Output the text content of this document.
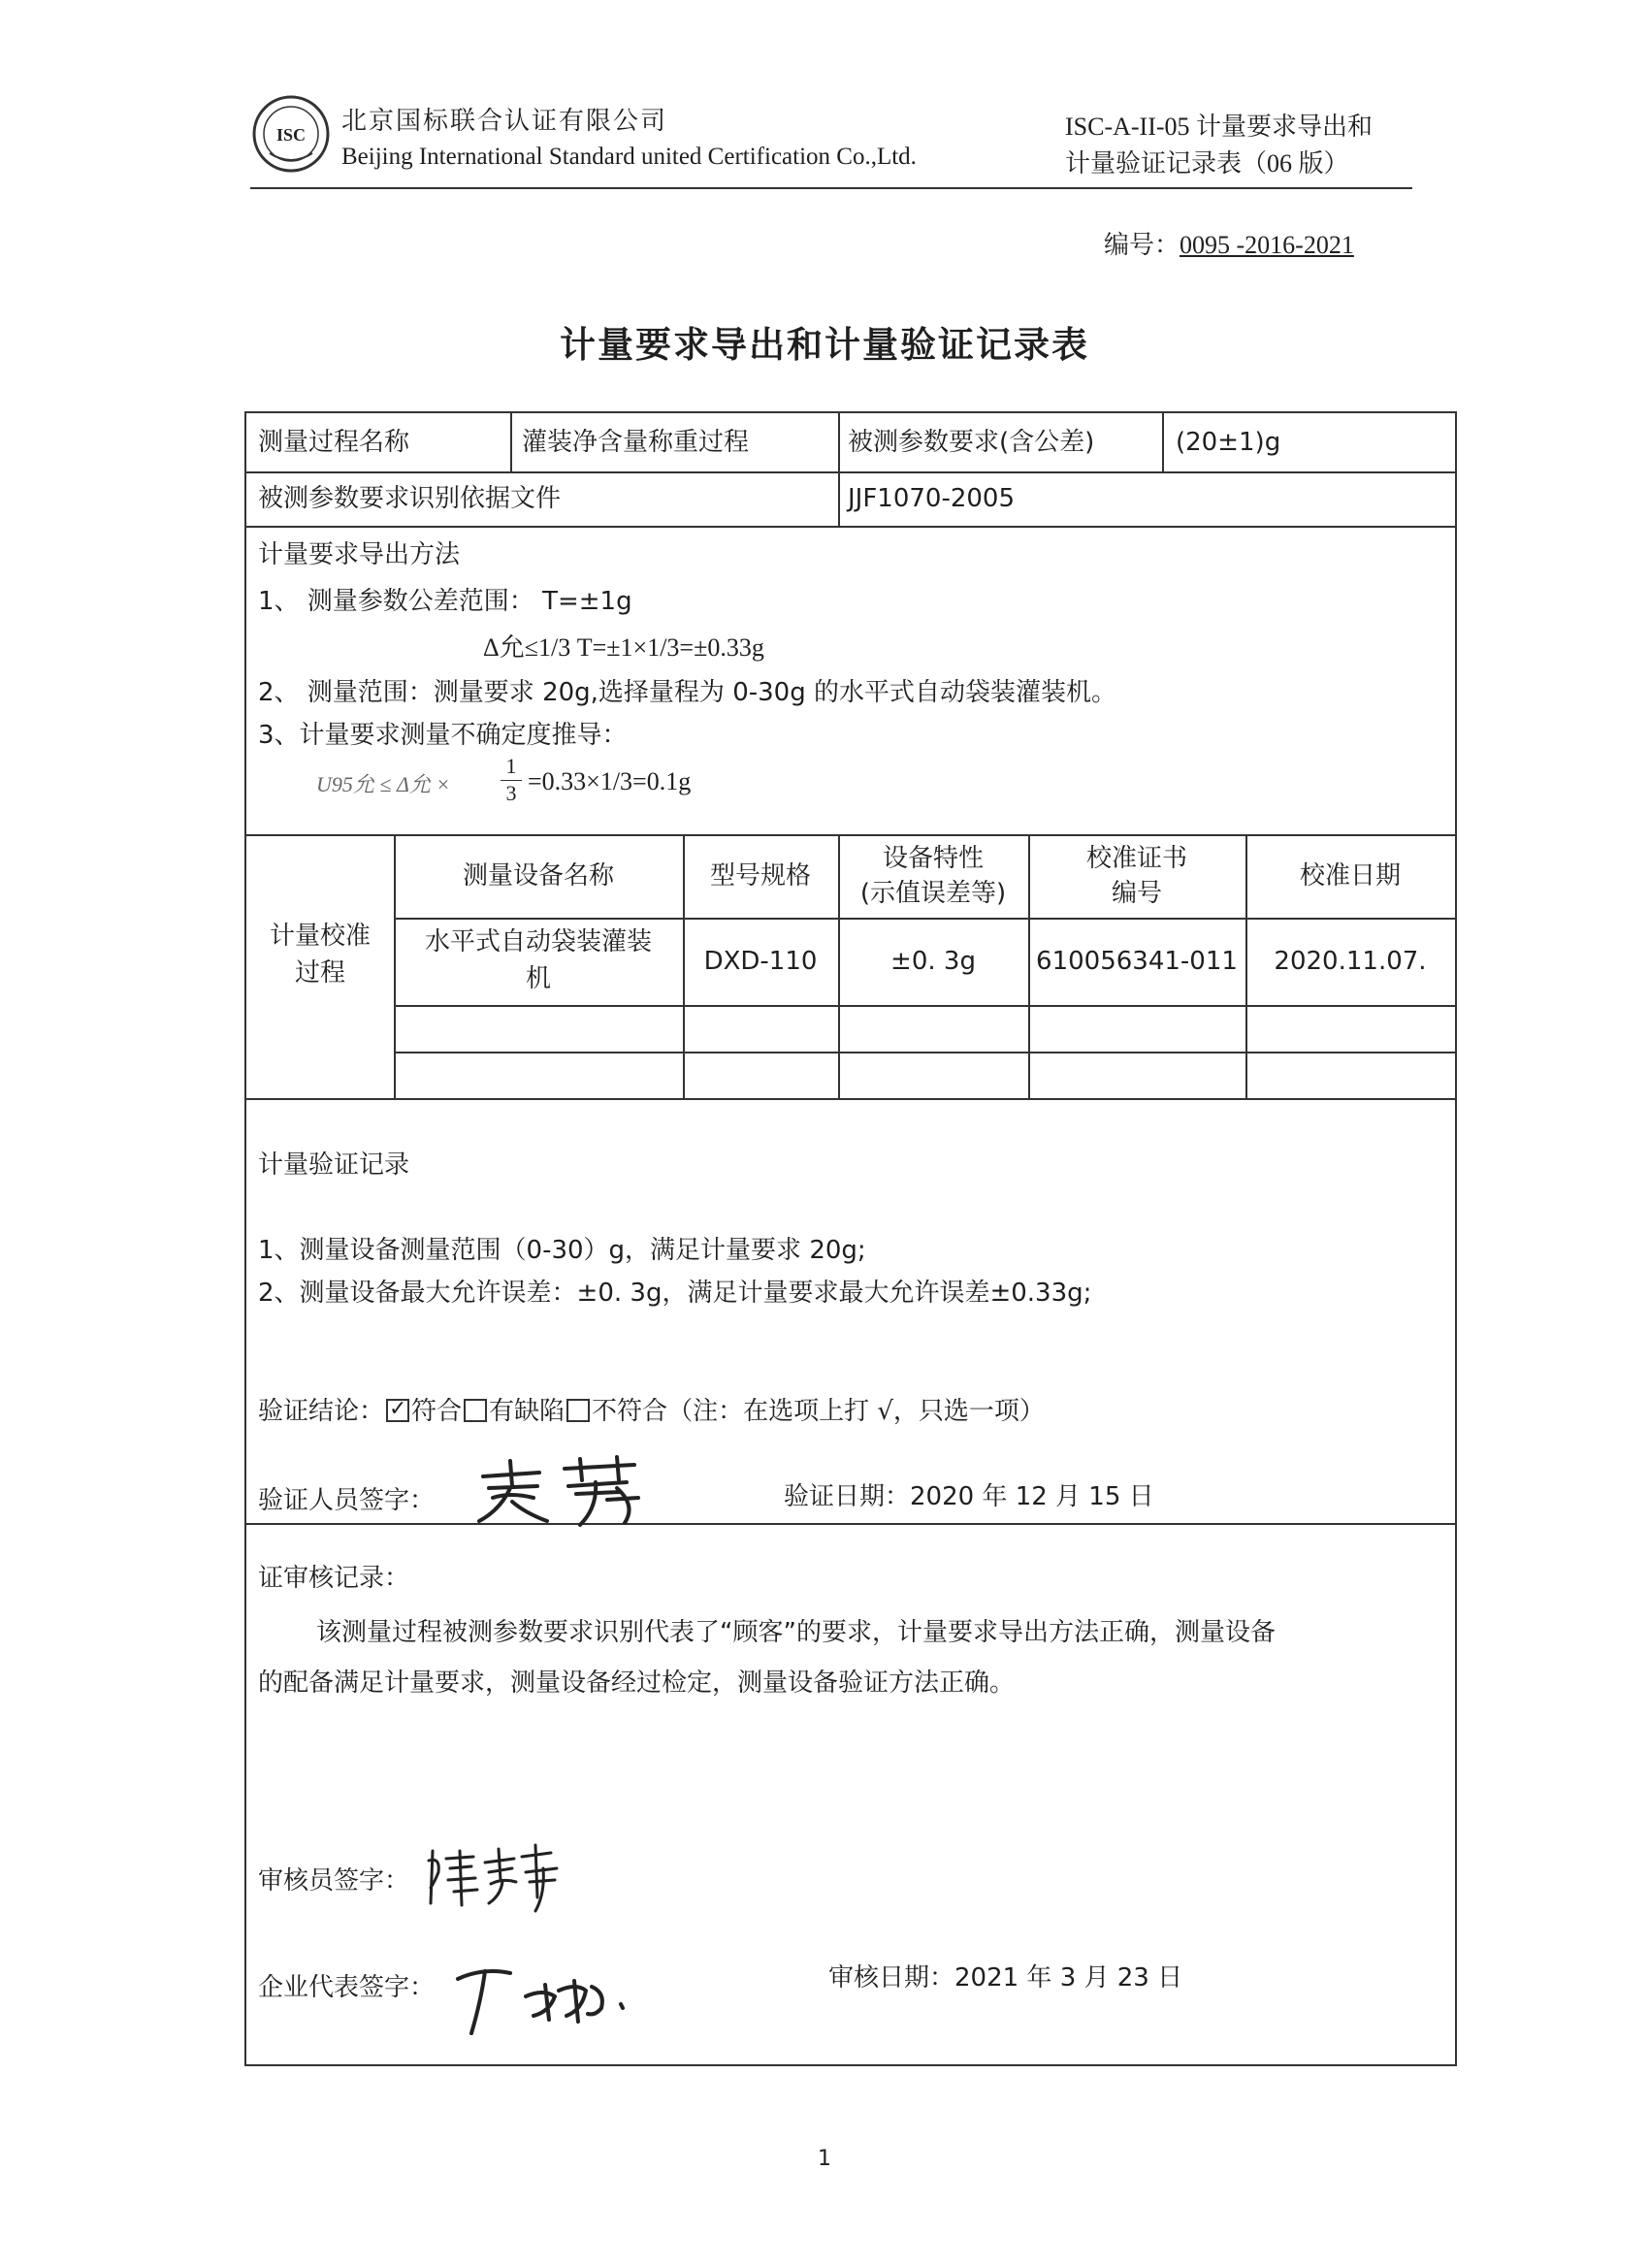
ISC 北京国标联合认证有限公司
Beijing International Standard united Certification Co.,Ltd.
ISC-A-II-05 计量要求导出和
计量验证记录表（06 版）
编号：0095 -2016-2021
计量要求导出和计量验证记录表
测量过程名称	灌装净含量称重过程	被测参数要求(含公差)	(20±1)g
被测参数要求识别依据文件	JJF1070-2005
计量要求导出方法
1、 测量参数公差范围： T=±1g
Δ允≤1/3 T=±1×1/3=±0.33g
2、 测量范围：测量要求 20g,选择量程为 0-30g 的水平式自动袋装灌装机。
3、计量要求测量不确定度推导：
U95允 ≤ Δ允 ×
1
3 =0.33×1/3=0.1g
计量校准
过程
测量设备名称	型号规格
设备特性
(示值误差等)
校准证书
编号
校准日期
水平式自动袋装灌装
机
DXD-110	±0. 3g	610056341-011	2020.11.07.
计量验证记录
1、测量设备测量范围（0-30）g，满足计量要求 20g;
2、测量设备最大允许误差：±0. 3g，满足计量要求最大允许误差±0.33g;
验证结论：✓ 符合 有缺陷 不符合（注：在选项上打 √，只选一项）
验证人员签字：	验证日期：2020 年 12 月 15 日
证审核记录：
该测量过程被测参数要求识别代表了“顾客”的要求，计量要求导出方法正确，测量设备
的配备满足计量要求，测量设备经过检定，测量设备验证方法正确。
审核员签字：
企业代表签字：	审核日期：2021 年 3 月 23 日
1
